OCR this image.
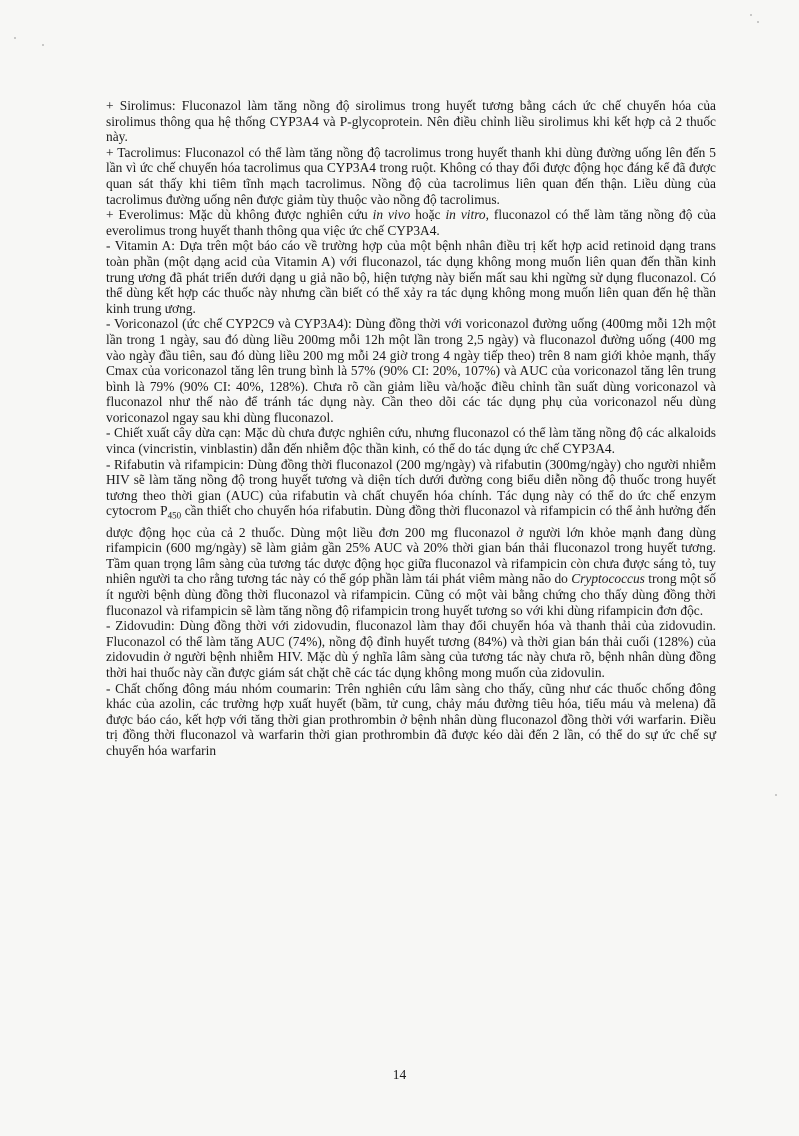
+ Sirolimus: Fluconazol làm tăng nồng độ sirolimus trong huyết tương bằng cách ức chế chuyển hóa của sirolimus thông qua hệ thống CYP3A4 và P-glycoprotein. Nên điều chỉnh liều sirolimus khi kết hợp cả 2 thuốc này.

+ Tacrolimus: Fluconazol có thể làm tăng nồng độ tacrolimus trong huyết thanh khi dùng đường uống lên đến 5 lần vì ức chế chuyển hóa tacrolimus qua CYP3A4 trong ruột. Không có thay đổi được động học đáng kể đã được quan sát thấy khi tiêm tĩnh mạch tacrolimus. Nồng độ của tacrolimus liên quan đến thận. Liều dùng của tacrolimus đường uống nên được giảm tùy thuộc vào nồng độ tacrolimus.

+ Everolimus: Mặc dù không được nghiên cứu in vivo hoặc in vitro, fluconazol có thể làm tăng nồng độ của everolimus trong huyết thanh thông qua việc ức chế CYP3A4.

- Vitamin A: Dựa trên một báo cáo về trường hợp của một bệnh nhân điều trị kết hợp acid retinoid dạng trans toàn phần (một dạng acid của Vitamin A) với fluconazol, tác dụng không mong muốn liên quan đến thần kinh trung ương đã phát triển dưới dạng u giả não bộ, hiện tượng này biến mất sau khi ngừng sử dụng fluconazol. Có thể dùng kết hợp các thuốc này nhưng cần biết có thể xảy ra tác dụng không mong muốn liên quan đến hệ thần kinh trung ương.

- Voriconazol (ức chế CYP2C9 và CYP3A4): Dùng đồng thời với voriconazol đường uống (400mg mỗi 12h một lần trong 1 ngày, sau đó dùng liều 200mg mỗi 12h một lần trong 2,5 ngày) và fluconazol đường uống (400 mg vào ngày đầu tiên, sau đó dùng liều 200 mg mỗi 24 giờ trong 4 ngày tiếp theo) trên 8 nam giới khỏe mạnh, thấy Cmax của voriconazol tăng lên trung bình là 57% (90% CI: 20%, 107%) và AUC của voriconazol tăng lên trung bình là 79% (90% CI: 40%, 128%). Chưa rõ cần giảm liều và/hoặc điều chỉnh tần suất dùng voriconazol và fluconazol như thế nào để tránh tác dụng này. Cần theo dõi các tác dụng phụ của voriconazol nếu dùng voriconazol ngay sau khi dùng fluconazol.

- Chiết xuất cây dừa cạn: Mặc dù chưa được nghiên cứu, nhưng fluconazol có thể làm tăng nồng độ các alkaloids vinca (vincristin, vinblastin) dẫn đến nhiễm độc thần kinh, có thể do tác dụng ức chế CYP3A4.

- Rifabutin và rifampicin: Dùng đồng thời fluconazol (200 mg/ngày) và rifabutin (300mg/ngày) cho người nhiễm HIV sẽ làm tăng nồng độ trong huyết tương và diện tích dưới đường cong biểu diễn nồng độ thuốc trong huyết tương theo thời gian (AUC) của rifabutin và chất chuyển hóa chính. Tác dụng này có thể do ức chế enzym cytocrom $P_{450}$ cần thiết cho chuyển hóa rifabutin. Dùng đồng thời fluconazol và rifampicin có thể ảnh hưởng đến dược động học của cả 2 thuốc. Dùng một liều đơn 200 mg fluconazol ở người lớn khỏe mạnh đang dùng rifampicin (600 mg/ngày) sẽ làm giảm gần 25% AUC và 20% thời gian bán thải fluconazol trong huyết tương. Tầm quan trọng lâm sàng của tương tác dược động học giữa fluconazol và rifampicin còn chưa được sáng tỏ, tuy nhiên người ta cho rằng tương tác này có thể góp phần làm tái phát viêm màng não do Cryptococcus trong một số ít người bệnh dùng đồng thời fluconazol và rifampicin. Cũng có một vài bằng chứng cho thấy dùng đồng thời fluconazol và rifampicin sẽ làm tăng nồng độ rifampicin trong huyết tương so với khi dùng rifampicin đơn độc.

- Zidovudin: Dùng đồng thời với zidovudin, fluconazol làm thay đổi chuyển hóa và thanh thải của zidovudin. Fluconazol có thể làm tăng AUC (74%), nồng độ đỉnh huyết tương (84%) và thời gian bán thải cuối (128%) của zidovudin ở người bệnh nhiễm HIV. Mặc dù ý nghĩa lâm sàng của tương tác này chưa rõ, bệnh nhân dùng đồng thời hai thuốc này cần được giám sát chặt chẽ các tác dụng không mong muốn của zidovulin.

- Chất chống đông máu nhóm coumarin: Trên nghiên cứu lâm sàng cho thấy, cũng như các thuốc chống đông khác của azolin, các trường hợp xuất huyết (bầm, tử cung, chảy máu đường tiêu hóa, tiểu máu và melena) đã được báo cáo, kết hợp với tăng thời gian prothrombin ở bệnh nhân dùng fluconazol đồng thời với warfarin. Điều trị đồng thời fluconazol và warfarin thời gian prothrombin đã được kéo dài đến 2 lần, có thể do sự ức chế sự chuyển hóa warfarin

14
